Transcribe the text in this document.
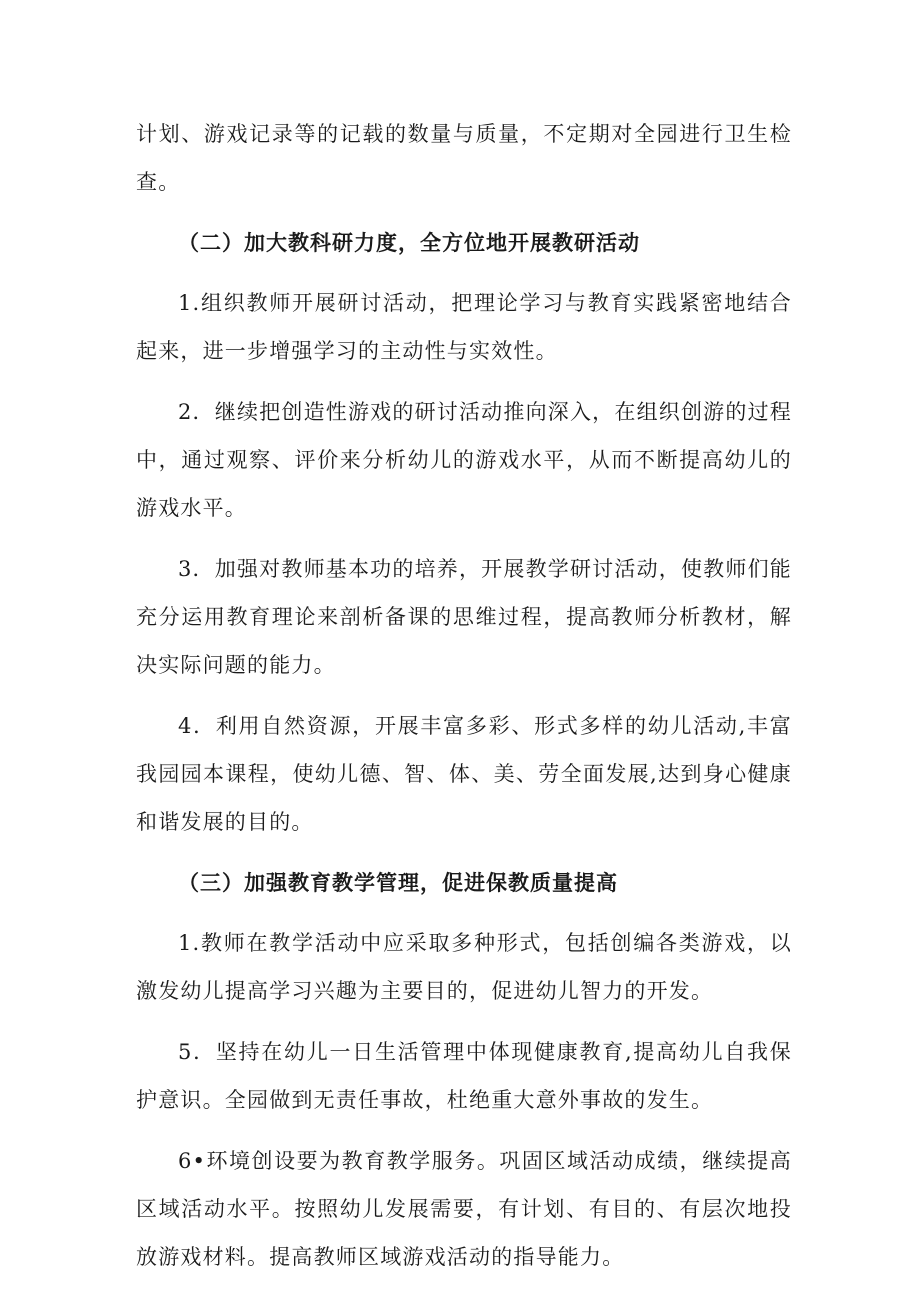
计划、游戏记录等的记载的数量与质量，不定期对全园进行卫生检查。

（二）加大教科研力度，全方位地开展教研活动

1.组织教师开展研讨活动，把理论学习与教育实践紧密地结合起来，进一步增强学习的主动性与实效性。

2．继续把创造性游戏的研讨活动推向深入，在组织创游的过程中，通过观察、评价来分析幼儿的游戏水平，从而不断提高幼儿的游戏水平。

3．加强对教师基本功的培养，开展教学研讨活动，使教师们能充分运用教育理论来剖析备课的思维过程，提高教师分析教材，解决实际问题的能力。

4．利用自然资源，开展丰富多彩、形式多样的幼儿活动,丰富我园园本课程，使幼儿德、智、体、美、劳全面发展,达到身心健康和谐发展的目的。

（三）加强教育教学管理，促进保教质量提高

1.教师在教学活动中应采取多种形式，包括创编各类游戏，以激发幼儿提高学习兴趣为主要目的，促进幼儿智力的开发。

5．坚持在幼儿一日生活管理中体现健康教育,提高幼儿自我保护意识。全园做到无责任事故，杜绝重大意外事故的发生。

6•环境创设要为教育教学服务。巩固区域活动成绩，继续提高区域活动水平。按照幼儿发展需要，有计划、有目的、有层次地投放游戏材料。提高教师区域游戏活动的指导能力。
